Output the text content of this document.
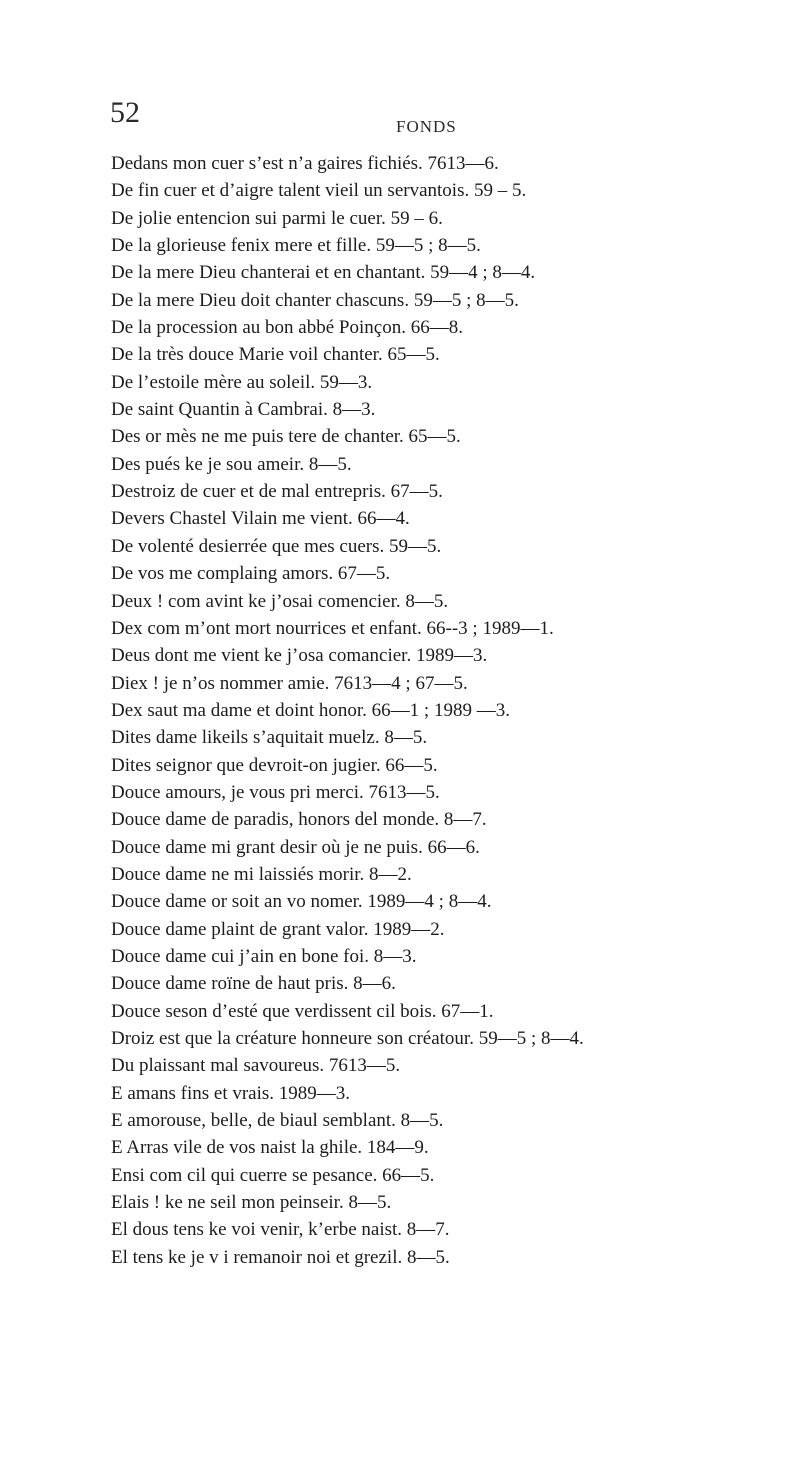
52	FONDS
Dedans mon cuer s’est n’a gaires fichiés. 7613—6.
De fin cuer et d’aigre talent vieil un servantois. 59 – 5.
De jolie entencion sui parmi le cuer. 59 – 6.
De la glorieuse fenix mere et fille. 59—5 ; 8—5.
De la mere Dieu chanterai et en chantant. 59—4 ; 8—4.
De la mere Dieu doit chanter chascuns. 59—5 ; 8—5.
De la procession au bon abbé Poinçon. 66—8.
De la très douce Marie voil chanter. 65—5.
De l’estoile mère au soleil. 59—3.
De saint Quantin à Cambrai. 8—3.
Des or mès ne me puis tere de chanter. 65—5.
Des pués ke je sou ameir. 8—5.
Destroiz de cuer et de mal entrepris. 67—5.
Devers Chastel Vilain me vient. 66—4.
De volenté desierrée que mes cuers. 59—5.
De vos me complaing amors. 67—5.
Deux ! com avint ke j’osai comencier. 8—5.
Dex com m’ont mort nourrices et enfant. 66--3 ; 1989—1.
Deus dont me vient ke j’osa comancier. 1989—3.
Diex ! je n’os nommer amie. 7613—4 ; 67—5.
Dex saut ma dame et doint honor. 66—1 ; 1989 —3.
Dites dame likeils s’aquitait muelz. 8—5.
Dites seignor que devroit-on jugier. 66—5.
Douce amours, je vous pri merci. 7613—5.
Douce dame de paradis, honors del monde. 8—7.
Douce dame mi grant desir où je ne puis. 66—6.
Douce dame ne mi laissiés morir. 8—2.
Douce dame or soit an vo nomer. 1989—4 ; 8—4.
Douce dame plaint de grant valor. 1989—2.
Douce dame cui j’ain en bone foi. 8—3.
Douce dame roïne de haut pris. 8—6.
Douce seson d’esté que verdissent cil bois. 67—1.
Droiz est que la créature honneure son créatour. 59—5 ; 8—4.
Du plaissant mal savoureus. 7613—5.
E amans fins et vrais. 1989—3.
E amorouse, belle, de biaul semblant. 8—5.
E Arras vile de vos naist la ghile. 184—9.
Ensi com cil qui cuerre se pesance. 66—5.
Elais ! ke ne seil mon peinseir. 8—5.
El dous tens ke voi venir, k’erbe naist. 8—7.
El tens ke je v i remanoir noi et grezil. 8—5.
